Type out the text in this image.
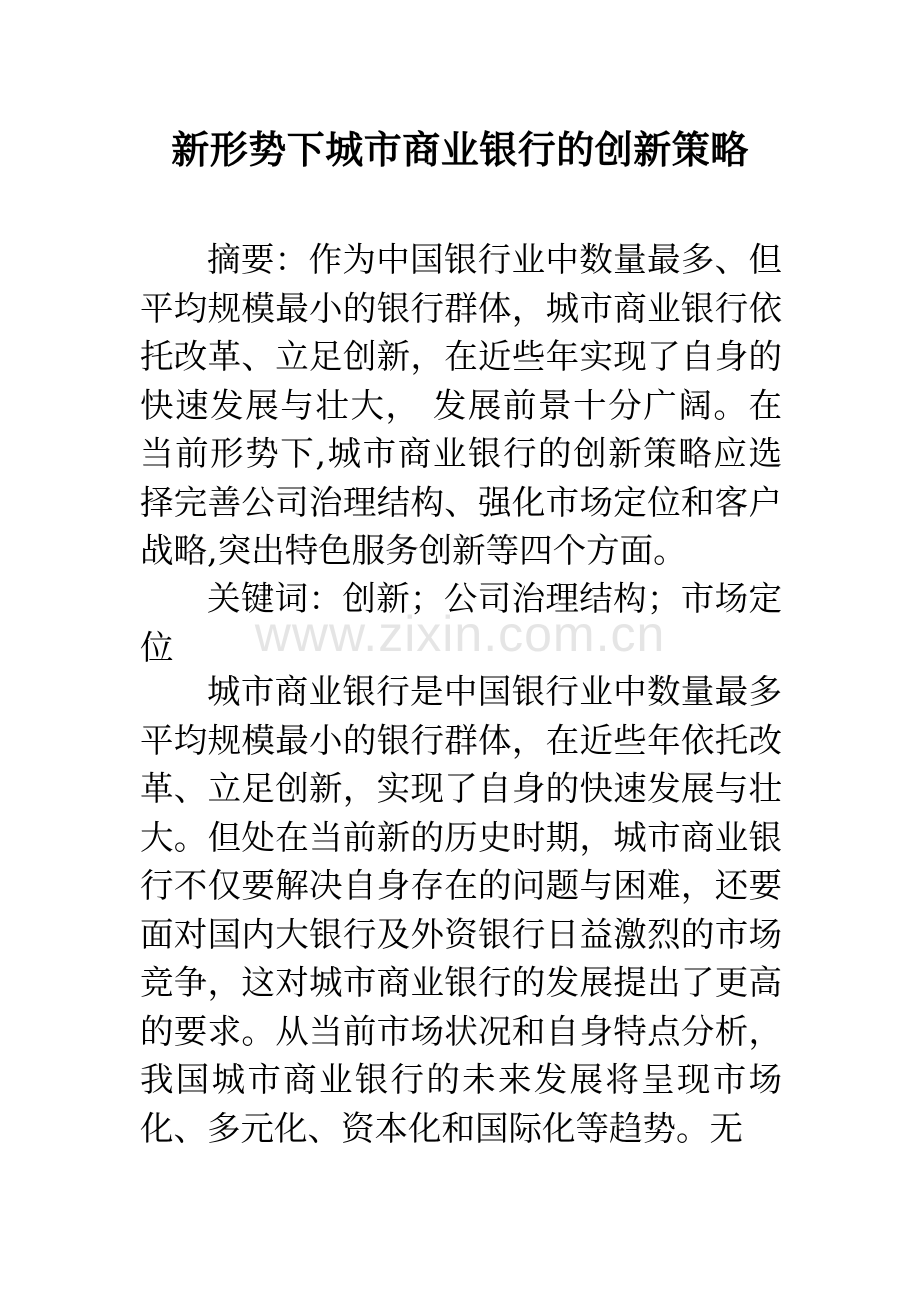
新形势下城市商业银行的创新策略

摘要：作为中国银行业中数量最多、但平均规模最小的银行群体，城市商业银行依托改革、立足创新，在近些年实现了自身的快速发展与壮大， 发展前景十分广阔。在当前形势下,城市商业银行的创新策略应选择完善公司治理结构、强化市场定位和客户战略,突出特色服务创新等四个方面。

关键词：创新；公司治理结构；市场定位

城市商业银行是中国银行业中数量最多平均规模最小的银行群体，在近些年依托改革、立足创新，实现了自身的快速发展与壮大。但处在当前新的历史时期，城市商业银行不仅要解决自身存在的问题与困难，还要面对国内大银行及外资银行日益激烈的市场竞争，这对城市商业银行的发展提出了更高的要求。从当前市场状况和自身特点分析，我国城市商业银行的未来发展将呈现市场化、多元化、资本化和国际化等趋势。无

www.zixin.com.cn
